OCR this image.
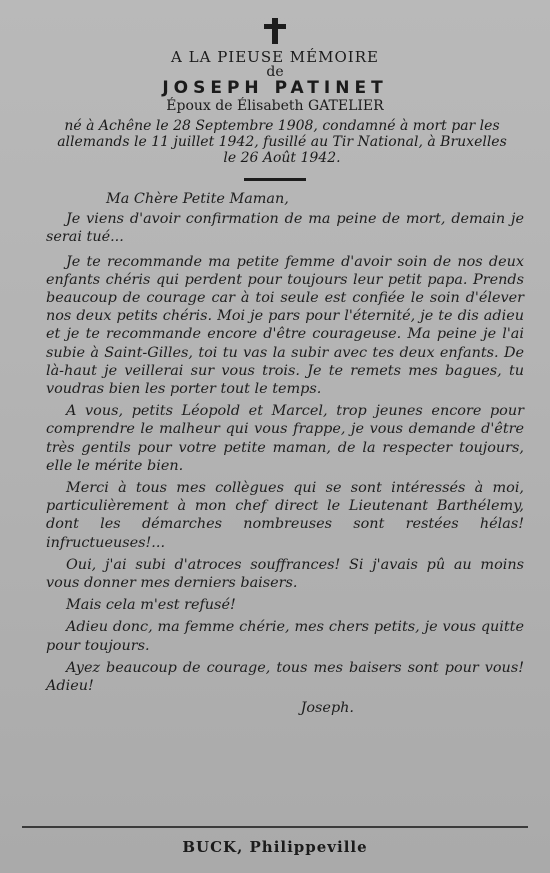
A LA PIEUSE MÉMOIRE
de
JOSEPH PATINET
Époux de Élisabeth GATELIER
né à Achêne le 28 Septembre 1908, condamné à mort par les allemands le 11 juillet 1942, fusillé au Tir National, à Bruxelles le 26 Août 1942.

Ma Chère Petite Maman,

Je viens d'avoir confirmation de ma peine de mort, demain je serai tué...

Je te recommande ma petite femme d'avoir soin de nos deux enfants chéris qui perdent pour toujours leur petit papa. Prends beaucoup de courage car à toi seule est confiée le soin d'élever nos deux petits chéris. Moi je pars pour l'éternité, je te dis adieu et je te recommande encore d'être courageuse. Ma peine je l'ai subie à Saint-Gilles, toi tu vas la subir avec tes deux enfants. De là-haut je veillerai sur vous trois. Je te remets mes bagues, tu voudras bien les porter tout le temps.

A vous, petits Léopold et Marcel, trop jeunes encore pour comprendre le malheur qui vous frappe, je vous demande d'être très gentils pour votre petite maman, de la respecter toujours, elle le mérite bien.

Merci à tous mes collègues qui se sont intéressés à moi, particulièrement à mon chef direct le Lieutenant Barthélemy, dont les démarches nombreuses sont restées hélas! infructueuses!...

Oui, j'ai subi d'atroces souffrances! Si j'avais pû au moins vous donner mes derniers baisers.

Mais cela m'est refusé!

Adieu donc, ma femme chérie, mes chers petits, je vous quitte pour toujours.

Ayez beaucoup de courage, tous mes baisers sont pour vous! Adieu!

Joseph.

BUCK, Philippeville
